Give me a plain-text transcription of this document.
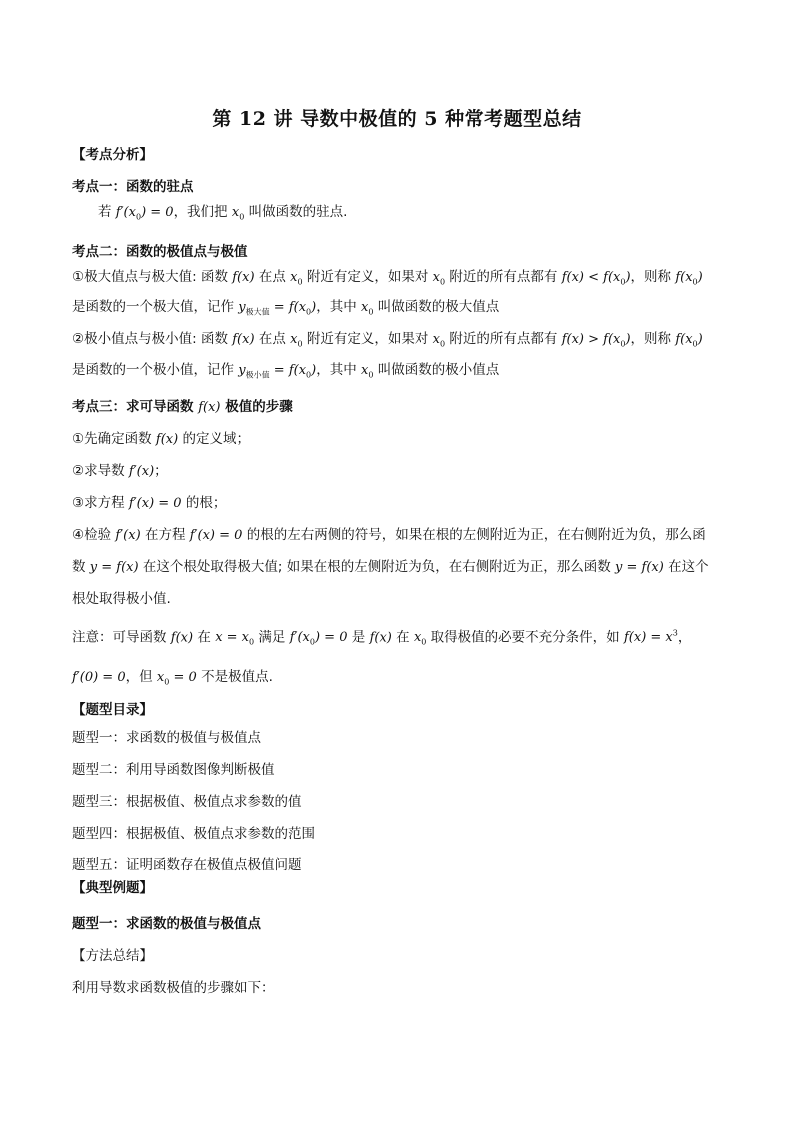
第 12 讲 导数中极值的 5 种常考题型总结
【考点分析】
考点一：函数的驻点
若 $f'(x_0) = 0$，我们把 $x_0$ 叫做函数的驻点.
考点二：函数的极值点与极值
①极大值点与极大值: 函数 f(x) 在点 $x_0$ 附近有定义，如果对 $x_0$ 附近的所有点都有 $f(x) < f(x_0)$，则称 $f(x_0)$
是函数的一个极大值，记作 $y_{极大值} = f(x_0)$，其中 $x_0$ 叫做函数的极大值点
②极小值点与极小值: 函数 f(x) 在点 $x_0$ 附近有定义，如果对 $x_0$ 附近的所有点都有 $f(x) > f(x_0)$，则称 $f(x_0)$
是函数的一个极小值，记作 $y_{极小值} = f(x_0)$，其中 $x_0$ 叫做函数的极小值点
考点三：求可导函数 f(x) 极值的步骤
①先确定函数 f(x) 的定义域；
②求导数 f′(x)；
③求方程 f′(x) = 0 的根；
④检验 f′(x) 在方程 f′(x) = 0 的根的左右两侧的符号，如果在根的左侧附近为正，在右侧附近为负，那么函
数 y = f(x) 在这个根处取得极大值; 如果在根的左侧附近为负，在右侧附近为正，那么函数 y = f(x) 在这个
根处取得极小值.
注意：可导函数 f(x) 在 $x = x_0$ 满足 $f'(x_0) = 0$ 是 f(x) 在 $x_0$ 取得极值的必要不充分条件，如 $f(x) = x^3$，
f′(0) = 0，但 $x_0 = 0$ 不是极值点.
【题型目录】
题型一：求函数的极值与极值点
题型二：利用导函数图像判断极值
题型三：根据极值、极值点求参数的值
题型四：根据极值、极值点求参数的范围
题型五：证明函数存在极值点极值问题
【典型例题】
题型一：求函数的极值与极值点
【方法总结】
利用导数求函数极值的步骤如下：
